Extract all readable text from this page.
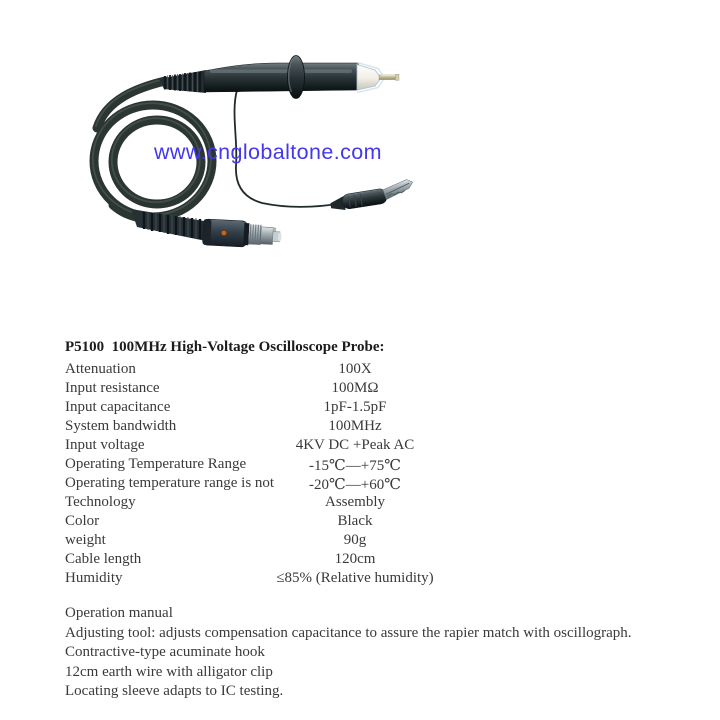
www.cnglobaltone.com
P5100  100MHz High-Voltage Oscilloscope Probe:
Attenuation	100X
Input resistance	100MΩ
Input capacitance	1pF-1.5pF
System bandwidth	100MHz
Input voltage	4KV DC +Peak AC
Operating Temperature Range	-15℃—+75℃
Operating temperature range is not	-20℃—+60℃
Technology	Assembly
Color	Black
weight	90g
Cable length	120cm
Humidity	≤85% (Relative humidity)
Operation manual
Adjusting tool: adjusts compensation capacitance to assure the rapier match with oscillograph.
Contractive-type acuminate hook
12cm earth wire with alligator clip
Locating sleeve adapts to IC testing.
